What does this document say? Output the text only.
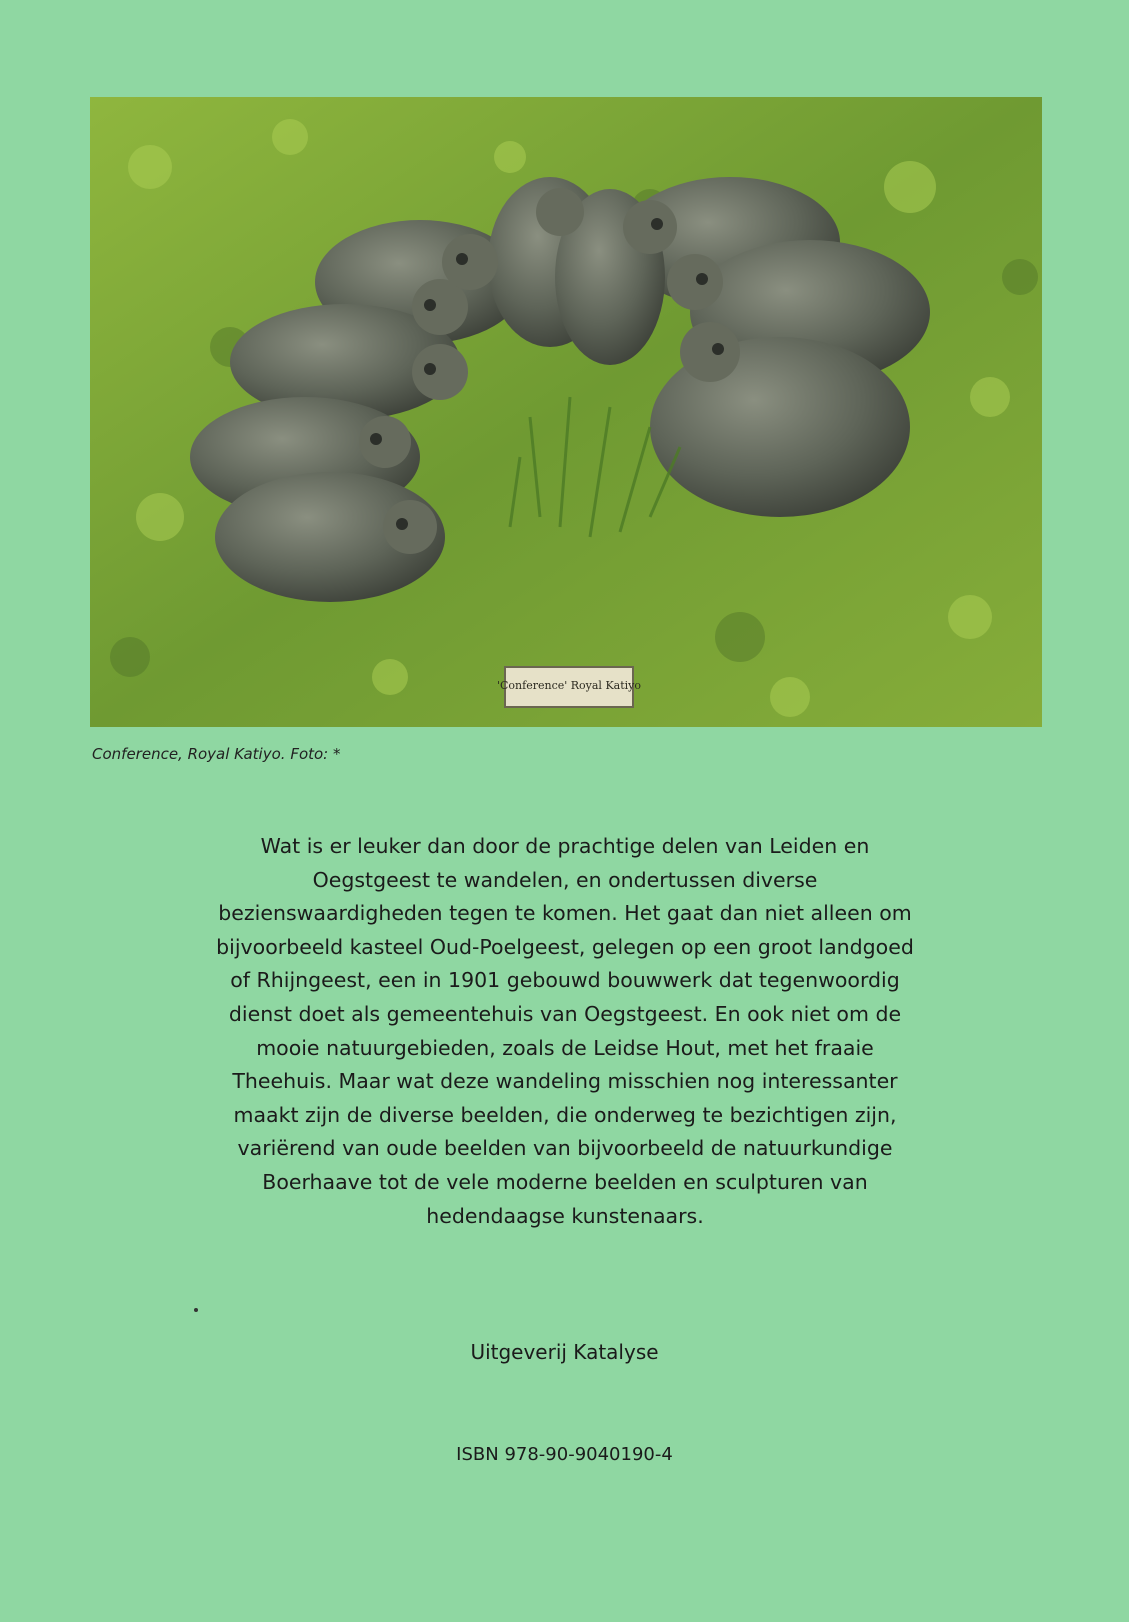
'Conference' Royal Katiyo
Conference, Royal Katiyo. Foto: *

Wat is er leuker dan door de prachtige delen van Leiden en Oegstgeest te wandelen, en ondertussen diverse bezienswaardigheden tegen te komen. Het gaat dan niet alleen om bijvoorbeeld kasteel Oud-Poelgeest, gelegen op een groot landgoed of Rhijngeest, een in 1901 gebouwd bouwwerk dat tegenwoordig dienst doet als gemeentehuis van Oegstgeest. En ook niet om de mooie natuurgebieden, zoals de Leidse Hout, met het fraaie Theehuis. Maar wat deze wandeling misschien nog interessanter maakt zijn de diverse beelden, die onderweg te bezichtigen zijn, variërend van oude beelden van bijvoorbeeld de natuurkundige Boerhaave tot de vele moderne beelden en sculpturen van hedendaagse kunstenaars.

Uitgeverij Katalyse
ISBN 978-90-9040190-4
